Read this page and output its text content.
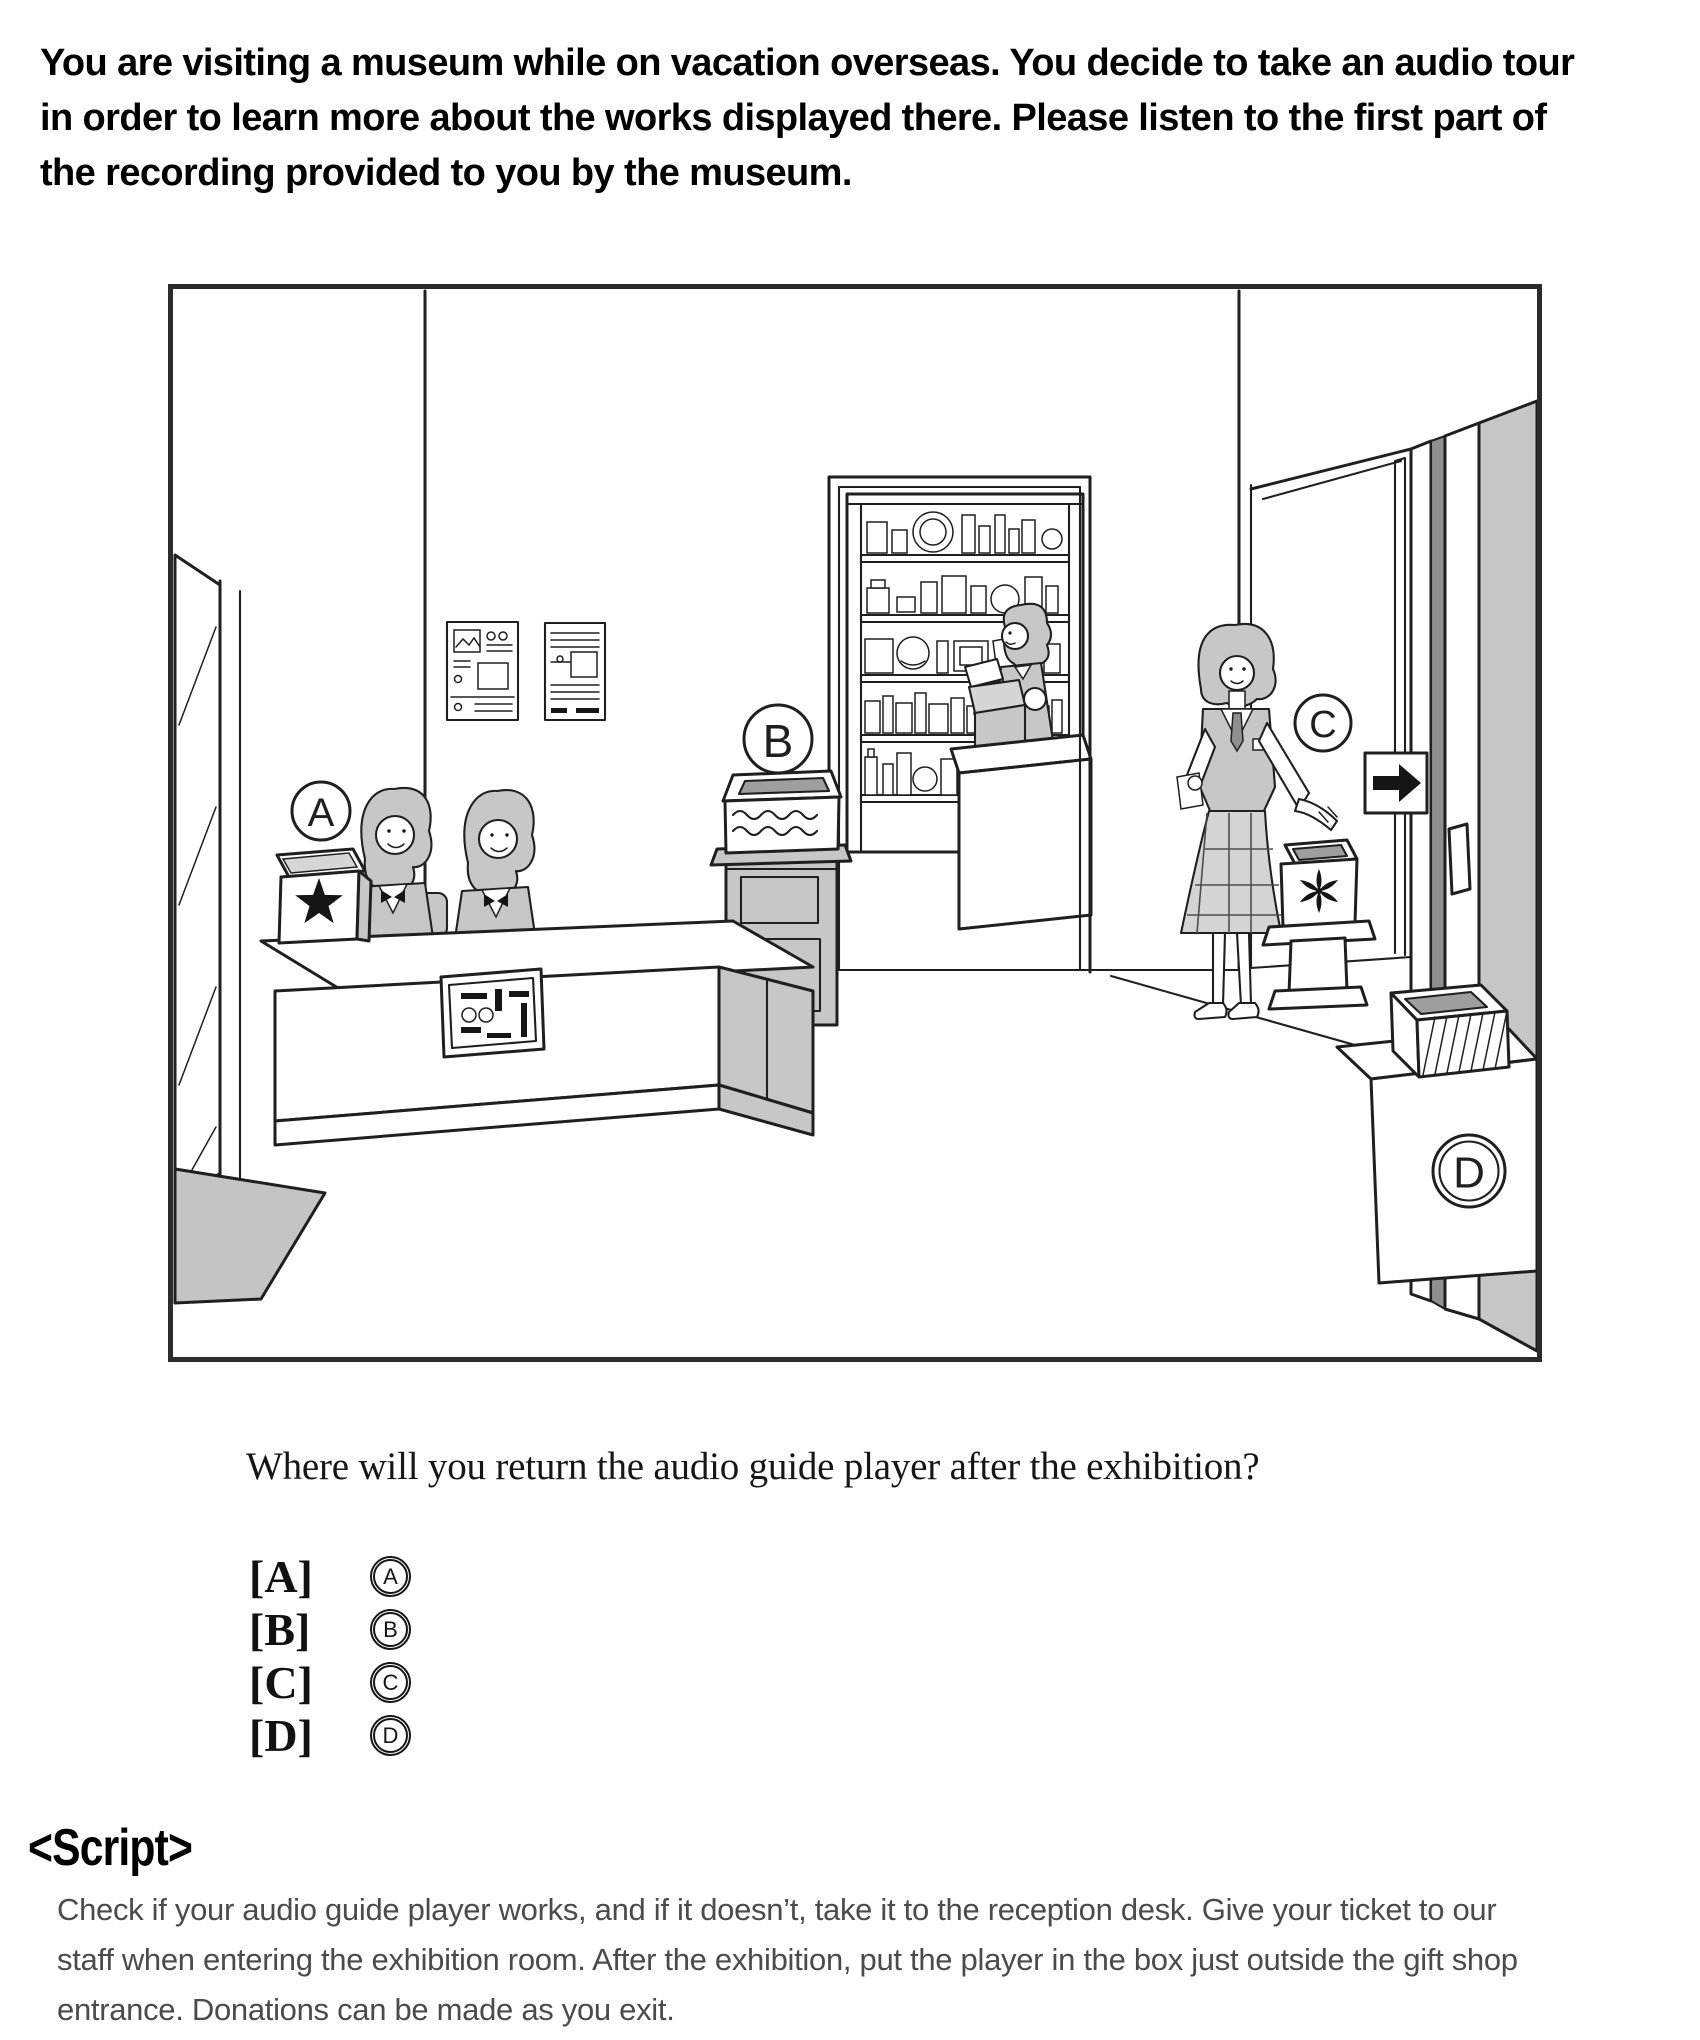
You are visiting a museum while on vacation overseas. You decide to take an audio tour
in order to learn more about the works displayed there. Please listen to the first part of
the recording provided to you by the museum.
B
A
C
D
Where will you return the audio guide player after the exhibition?
[A]	A
[B]	B
[C]	C
[D]	D
<Script>
Check if your audio guide player works, and if it doesn’t, take it to the reception desk. Give your ticket to our
staff when entering the exhibition room. After the exhibition, put the player in the box just outside the gift shop
entrance. Donations can be made as you exit.
